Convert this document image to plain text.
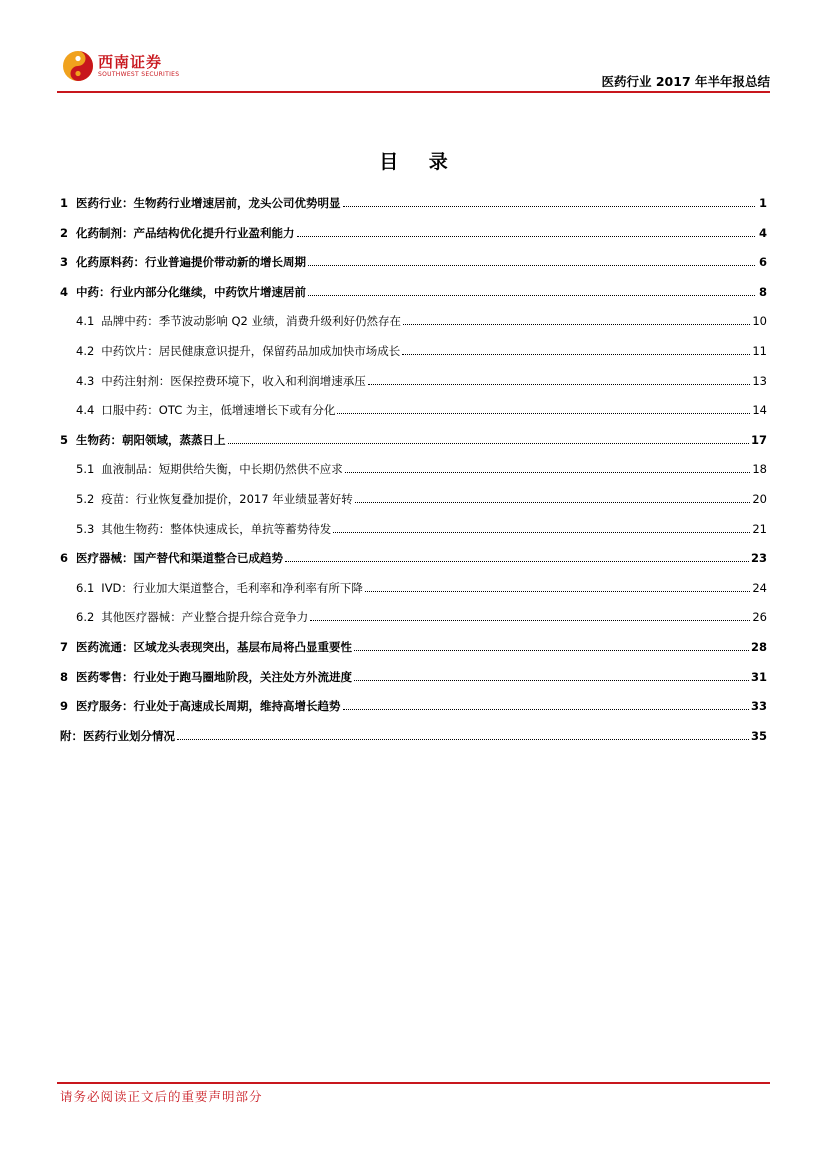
西南证券
SOUTHWEST SECURITIES	医药行业 2017 年半年报总结
目 录
1 医药行业：生物药行业增速居前，龙头公司优势明显	1
2 化药制剂：产品结构优化提升行业盈利能力	4
3 化药原料药：行业普遍提价带动新的增长周期	6
4 中药：行业内部分化继续，中药饮片增速居前	8
4.1 品牌中药：季节波动影响 Q2 业绩，消费升级利好仍然存在	10
4.2 中药饮片：居民健康意识提升，保留药品加成加快市场成长	11
4.3 中药注射剂：医保控费环境下，收入和利润增速承压	13
4.4 口服中药：OTC 为主，低增速增长下或有分化	14
5 生物药：朝阳领域，蒸蒸日上	17
5.1 血液制品：短期供给失衡，中长期仍然供不应求	18
5.2 疫苗：行业恢复叠加提价，2017 年业绩显著好转	20
5.3 其他生物药：整体快速成长，单抗等蓄势待发	21
6 医疗器械：国产替代和渠道整合已成趋势	23
6.1 IVD：行业加大渠道整合，毛利率和净利率有所下降	24
6.2 其他医疗器械：产业整合提升综合竞争力	26
7 医药流通：区域龙头表现突出，基层布局将凸显重要性	28
8 医药零售：行业处于跑马圈地阶段，关注处方外流进度	31
9 医疗服务：行业处于高速成长周期，维持高增长趋势	33
附： 医药行业划分情况	35
请务必阅读正文后的重要声明部分
